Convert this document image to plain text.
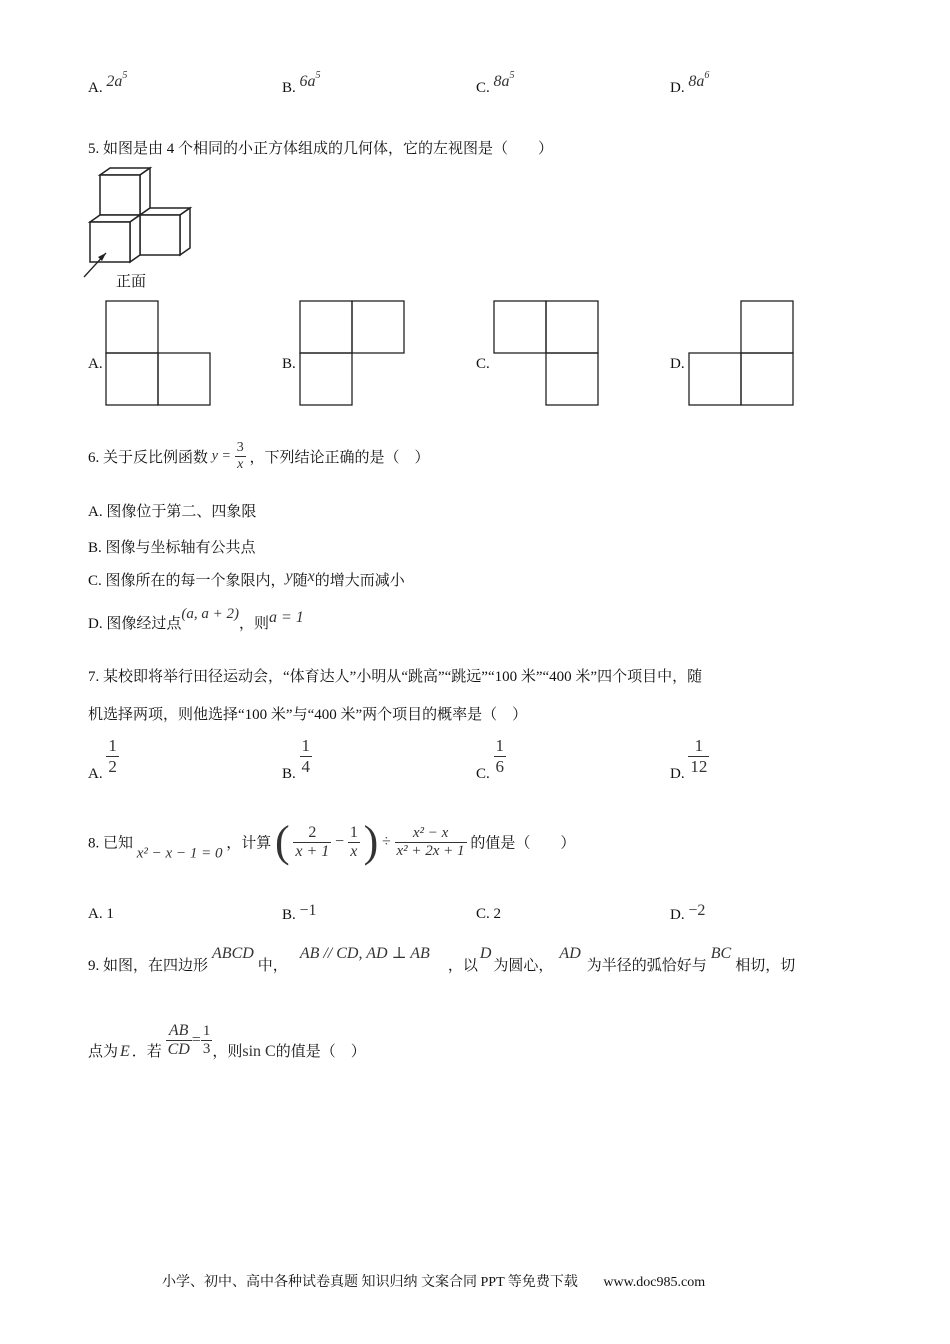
A. $2a^5$
B. $6a^5$
C. $8a^5$
D. $8a^6$
5. 如图是由 4 个相同的小正方体组成的几何体，它的左视图是（　　）
正面
A.	B.	C.	D.
6. 关于反比例函数 $y = \frac{3}{x}$ ，下列结论正确的是（　）
A. 图像位于第二、四象限
B. 图像与坐标轴有公共点
C. 图像所在的每一个象限内，y随x的增大而减小
D. 图像经过点(a, a + 2)，则a = 1
7. 某校即将举行田径运动会，“体育达人”小明从“跳高”“跳远”“100 米”“400 米”四个项目中，随
机选择两项，则他选择“100 米”与“400 米”两个项目的概率是（　）
A. $\frac{1}{2}$	B. $\frac{1}{4}$	C. $\frac{1}{6}$	D. $\frac{1}{12}$
8. 已知 x² − x − 1 = 0 ，计算 ( $\frac{2}{x + 1} - \frac{1}{x}$ ) ÷ $\frac{\text{x² − x}}{\text{x² + 2x + 1}}$ 的值是（　　）
A. 1	B. −1	C. 2	D. −2
9. 如图，在四边形ABCD中，AB // CD, AD ⊥ AB，以D为圆心，AD为半径的弧恰好与BC相切，切
点为 E ．若 $\frac{AB}{CD} = \frac{1}{3}$ ，则sin C的值是（　）
小学、初中、高中各种试卷真题 知识归纳 文案合同 PPT 等免费下载 www.doc985.com
